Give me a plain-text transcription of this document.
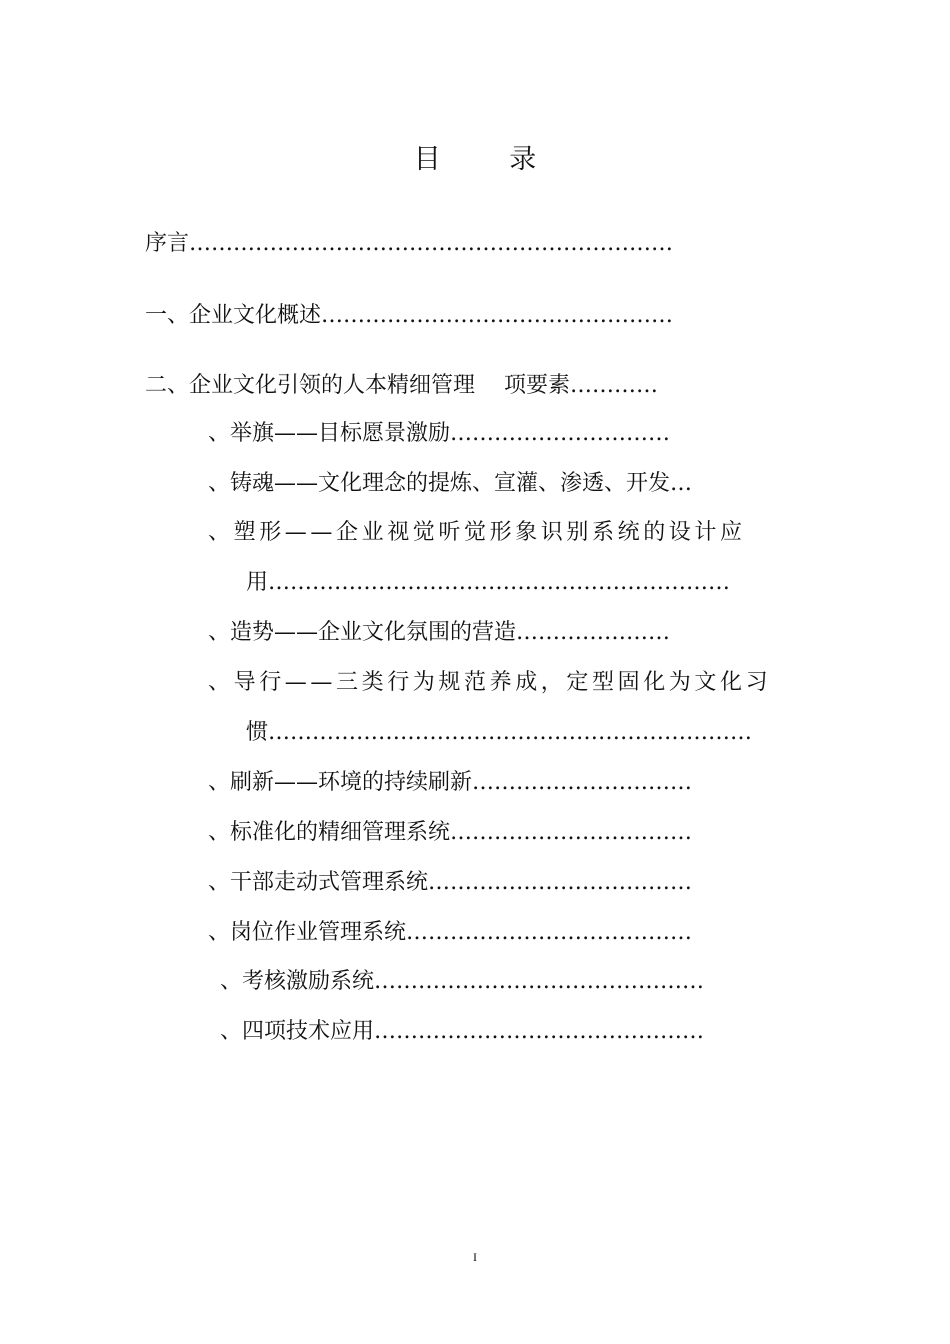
目 录
序言…………………………………………………………
一、企业文化概述…………………………………………
二、企业文化引领的人本精细管理　 项要素…………
、举旗——目标愿景激励…………………………
、铸魂——文化理念的提炼、宣灌、渗透、开发…
、塑形——企业视觉听觉形象识别系统的设计应
用………………………………………………………
、造势——企业文化氛围的营造…………………
、导行——三类行为规范养成，定型固化为文化习
惯…………………………………………………………
、刷新——环境的持续刷新…………………………
、标准化的精细管理系统……………………………
、干部走动式管理系统………………………………
、岗位作业管理系统…………………………………
、考核激励系统………………………………………
、四项技术应用………………………………………
I
